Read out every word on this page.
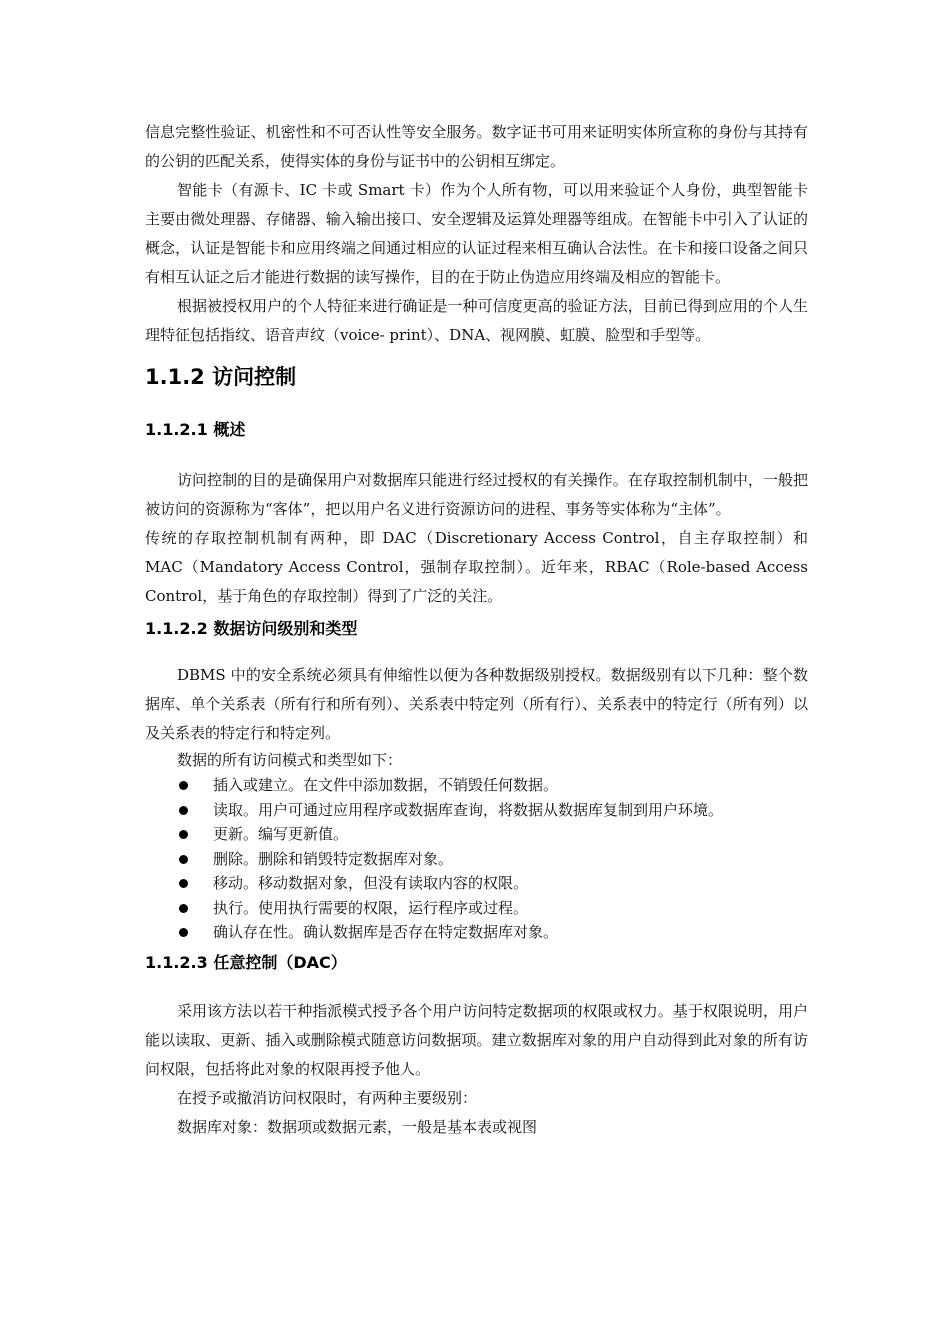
信息完整性验证、机密性和不可否认性等安全服务。数字证书可用来证明实体所宣称的身份与其持有的公钥的匹配关系，使得实体的身份与证书中的公钥相互绑定。

智能卡（有源卡、IC 卡或 Smart 卡）作为个人所有物，可以用来验证个人身份，典型智能卡主要由微处理器、存储器、输入输出接口、安全逻辑及运算处理器等组成。在智能卡中引入了认证的概念，认证是智能卡和应用终端之间通过相应的认证过程来相互确认合法性。在卡和接口设备之间只有相互认证之后才能进行数据的读写操作，目的在于防止伪造应用终端及相应的智能卡。

根据被授权用户的个人特征来进行确证是一种可信度更高的验证方法，目前已得到应用的个人生理特征包括指纹、语音声纹（voice- print）、DNA、视网膜、虹膜、脸型和手型等。

1.1.2 访问控制
1.1.2.1 概述

访问控制的目的是确保用户对数据库只能进行经过授权的有关操作。在存取控制机制中，一般把被访问的资源称为“客体”，把以用户名义进行资源访问的进程、事务等实体称为“主体”。

传统的存取控制机制有两种，即 DAC（Discretionary Access Control，自主存取控制）和 MAC（Mandatory Access Control，强制存取控制）。近年来，RBAC（Role-based Access Control，基于角色的存取控制）得到了广泛的关注。

1.1.2.2 数据访问级别和类型

DBMS 中的安全系统必须具有伸缩性以便为各种数据级别授权。数据级别有以下几种：整个数据库、单个关系表（所有行和所有列）、关系表中特定列（所有行）、关系表中的特定行（所有列）以及关系表的特定行和特定列。

数据的所有访问模式和类型如下：

插入或建立。在文件中添加数据，不销毁任何数据。
读取。用户可通过应用程序或数据库查询，将数据从数据库复制到用户环境。
更新。编写更新值。
删除。删除和销毁特定数据库对象。
移动。移动数据对象，但没有读取内容的权限。
执行。使用执行需要的权限，运行程序或过程。
确认存在性。确认数据库是否存在特定数据库对象。
1.1.2.3 任意控制（DAC）

采用该方法以若干种指派模式授予各个用户访问特定数据项的权限或权力。基于权限说明，用户能以读取、更新、插入或删除模式随意访问数据项。建立数据库对象的用户自动得到此对象的所有访问权限，包括将此对象的权限再授予他人。

在授予或撤消访问权限时，有两种主要级别：

数据库对象：数据项或数据元素，一般是基本表或视图
